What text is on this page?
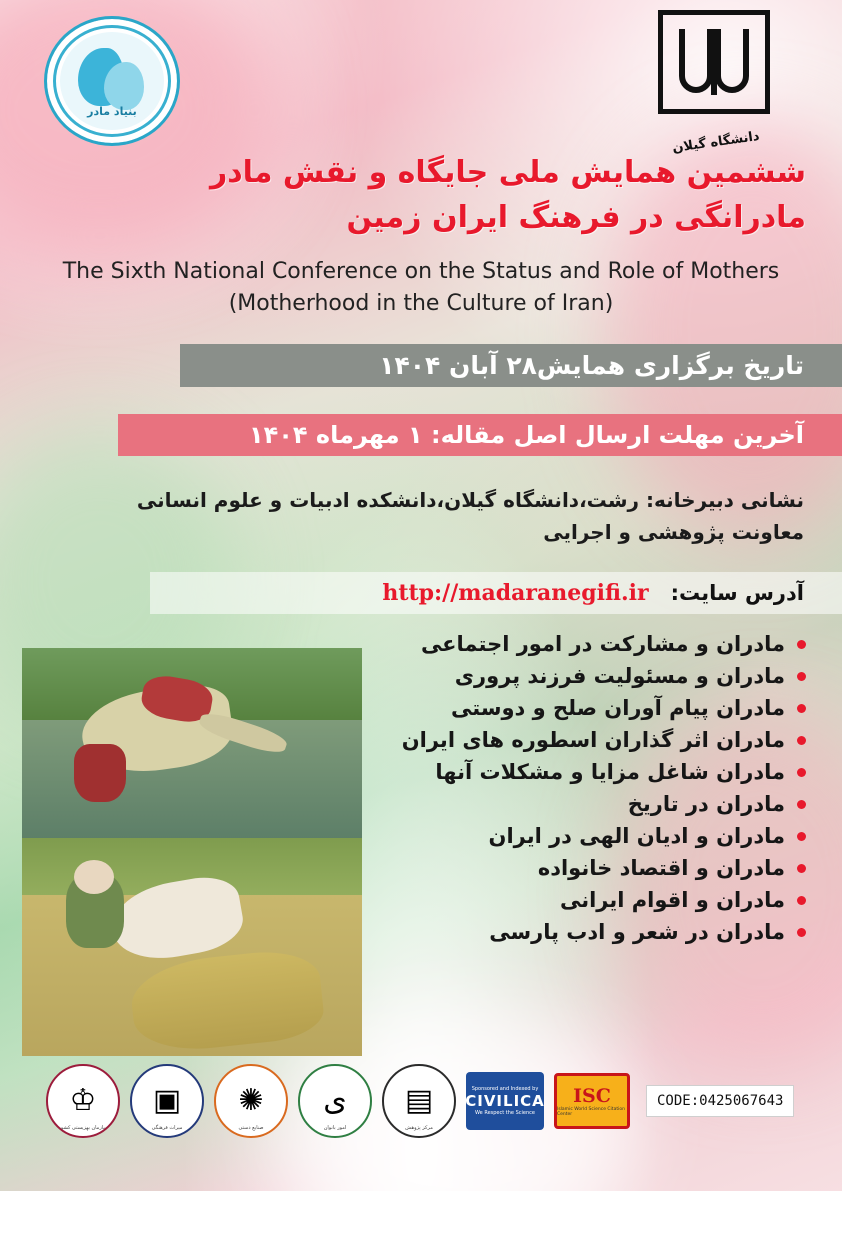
بنیاد مادر
دانشگاه گیلان
ششمین همایش ملی جایگاه و نقش مادر
مادرانگی در فرهنگ ایران زمین
The Sixth National Conference on the Status and Role of Mothers
(Motherhood in the Culture of Iran)
تاریخ برگزاری همایش۲۸ آبان ۱۴۰۴
آخرین مهلت ارسال اصل مقاله: ۱ مهرماه ۱۴۰۴
نشانی دبیرخانه: رشت،دانشگاه گیلان،دانشکده ادبیات و علوم انسانی
معاونت پژوهشی و اجرایی
آدرس سایت:
http://madaranegifi.ir
مادران و مشارکت در امور اجتماعی
مادران و مسئولیت فرزند پروری
مادران پیام آوران صلح و دوستی
مادران اثر گذاران اسطوره های ایران
مادران شاغل مزایا و مشکلات آنها
مادران در تاریخ
مادران و ادیان الهی در ایران
مادران و اقتصاد خانواده
مادران و اقوام ایرانی
مادران در شعر و ادب پارسی
♔
سازمان بهزیستی کشور
▣
میراث فرهنگی
✺
صنایع دستی
ﻯ
امور بانوان
▤
مرکز پژوهش
Sponsored and Indexed by
CIVILICA
We Respect the Science
ISC
Islamic World Science Citation Center
CODE:0425067643
